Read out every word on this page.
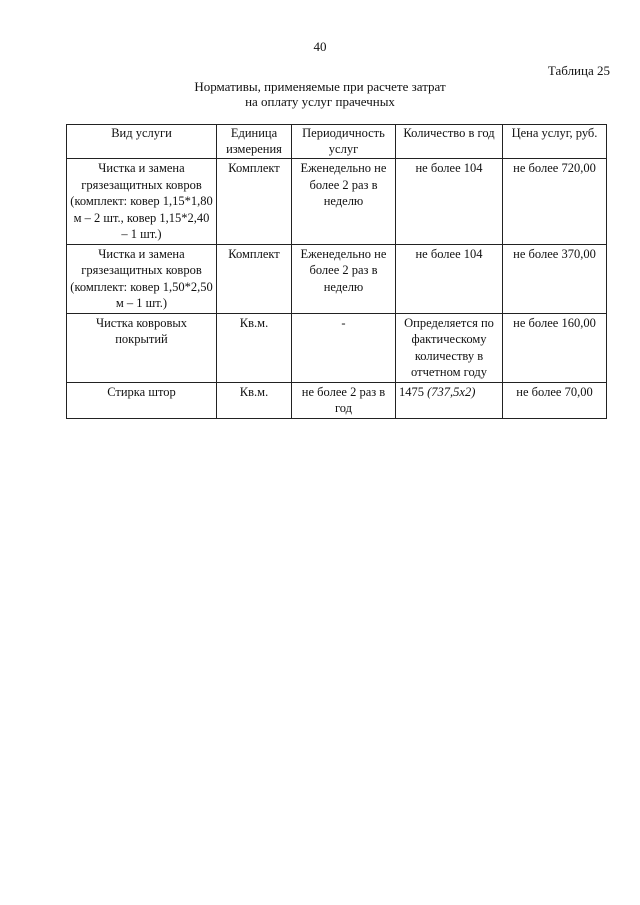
40
Таблица 25
Нормативы, применяемые при расчете затрат
на оплату услуг прачечных
Вид услуги	Единица измерения	Периодичность услуг	Количество в год	Цена услуг, руб.
Чистка и замена грязезащитных ковров (комплект: ковер 1,15*1,80 м – 2 шт., ковер 1,15*2,40 – 1 шт.)	Комплект	Еженедельно не более 2 раз в неделю	не более 104	не более 720,00
Чистка и замена грязезащитных ковров (комплект: ковер 1,50*2,50 м – 1 шт.)	Комплект	Еженедельно не более 2 раз в неделю	не более 104	не более 370,00
Чистка ковровых покрытий	Кв.м.	-	Определяется по фактическому количеству в отчетном году	не более 160,00
Стирка штор	Кв.м.	не более 2 раз в год	1475 (737,5x2)	не более 70,00
